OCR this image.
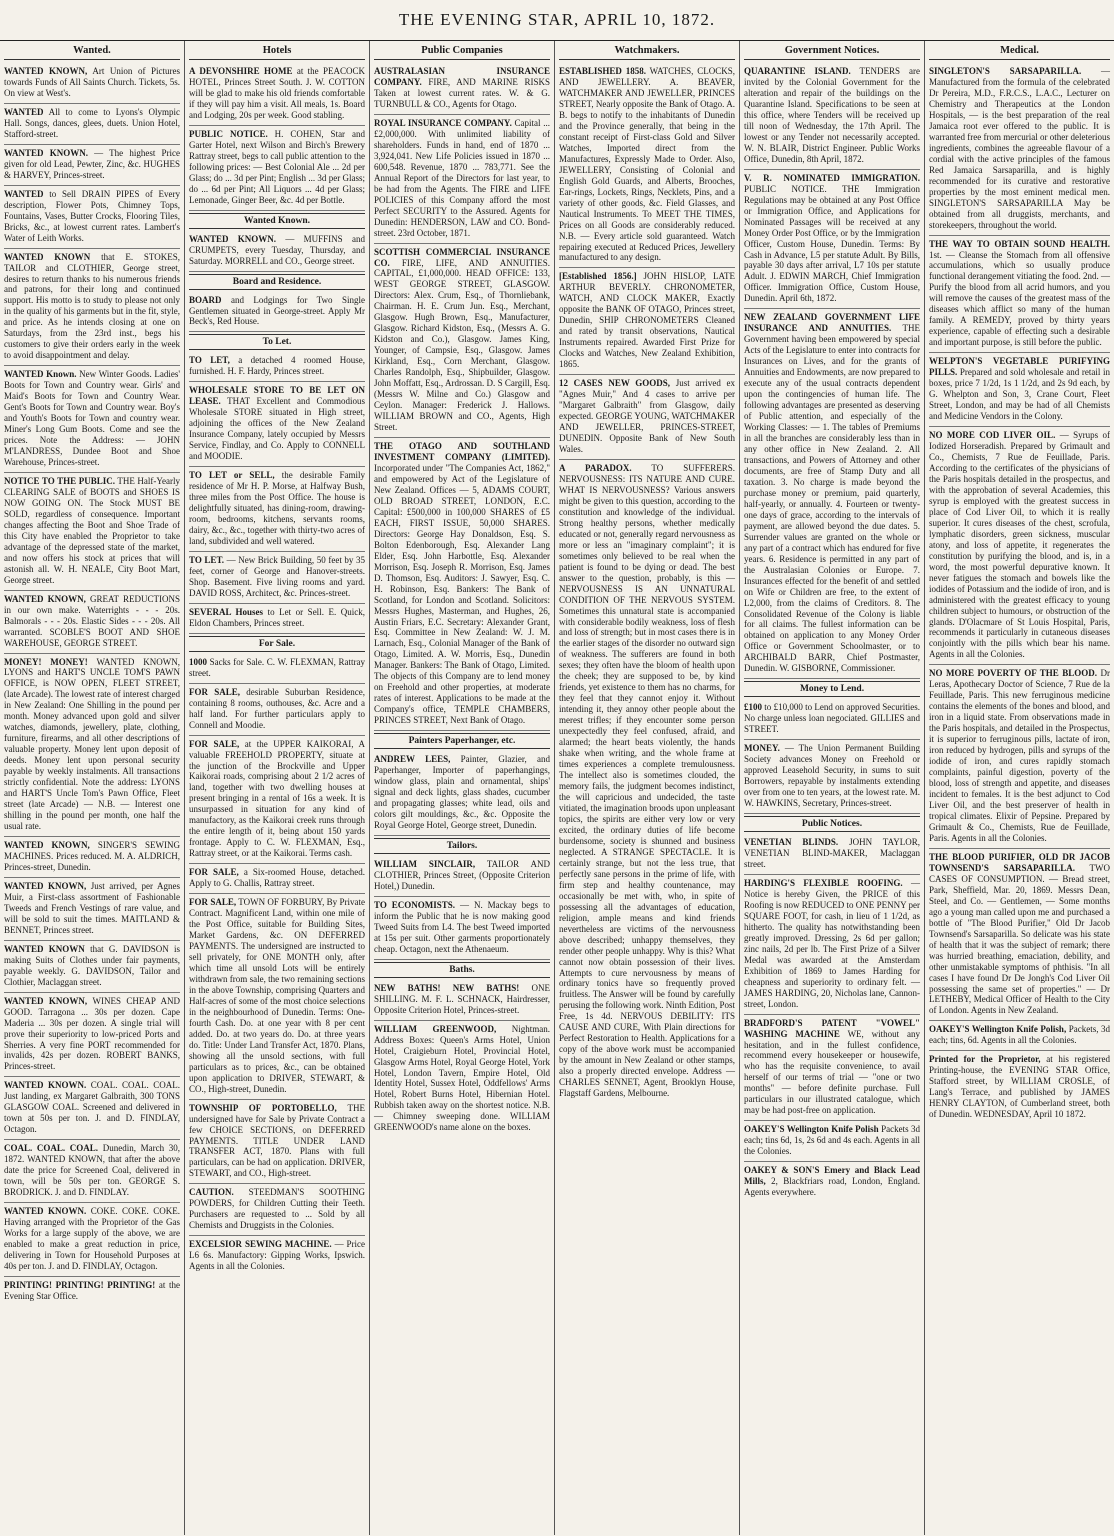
THE EVENING STAR, APRIL 10, 1872.
Wanted.

WANTED KNOWN, Art Union of Pictures towards Funds of All Saints Church. Tickets, 5s. On view at West's.

WANTED All to come to Lyons's Olympic Hall. Songs, dances, glees, duets. Union Hotel, Stafford-street.

WANTED KNOWN. — The highest Price given for old Lead, Pewter, Zinc, &c. HUGHES & HARVEY, Princes-street.

WANTED to Sell DRAIN PIPES of Every description, Flower Pots, Chimney Tops, Fountains, Vases, Butter Crocks, Flooring Tiles, Bricks, &c., at lowest current rates. Lambert's Water of Leith Works.

WANTED KNOWN that E. STOKES, TAILOR and CLOTHIER, George street, desires to return thanks to his numerous friends and patrons, for their long and continued support. His motto is to study to please not only in the quality of his garments but in the fit, style, and price. As he intends closing at one on Saturdays, from the 23rd inst., begs his customers to give their orders early in the week to avoid disappointment and delay.

WANTED Known. New Winter Goods. Ladies' Boots for Town and Country wear. Girls' and Maid's Boots for Town and Country Wear. Gent's Boots for Town and Country wear. Boy's and Youth's Boots for Town and country wear. Miner's Long Gum Boots. Come and see the prices. Note the Address: — JOHN M'LANDRESS, Dundee Boot and Shoe Warehouse, Princes-street.

NOTICE TO THE PUBLIC. THE Half-Yearly CLEARING SALE of BOOTS and SHOES IS NOW GOING ON. The Stock MUST BE SOLD, regardless of consequence. Important changes affecting the Boot and Shoe Trade of this City have enabled the Proprietor to take advantage of the depressed state of the market, and now offers his stock at prices that will astonish all. W. H. NEALE, City Boot Mart, George street.

WANTED KNOWN, GREAT REDUCTIONS in our own make. Waterrights - - - 20s. Balmorals - - - 20s. Elastic Sides - - - 20s. All warranted. SCOBLE'S BOOT AND SHOE WAREHOUSE, GEORGE STREET.

MONEY! MONEY! WANTED KNOWN, LYONS and HART'S UNCLE TOM'S PAWN OFFICE, is NOW OPEN, FLEET STREET, (late Arcade). The lowest rate of interest charged in New Zealand: One Shilling in the pound per month. Money advanced upon gold and silver watches, diamonds, jewellery, plate, clothing, furniture, firearms, and all other descriptions of valuable property. Money lent upon deposit of deeds. Money lent upon personal security payable by weekly instalments. All transactions strictly confidential. Note the address: LYONS and HART'S Uncle Tom's Pawn Office, Fleet street (late Arcade) — N.B. — Interest one shilling in the pound per month, one half the usual rate.

WANTED KNOWN, SINGER'S SEWING MACHINES. Prices reduced. M. A. ALDRICH, Princes-street, Dunedin.

WANTED KNOWN, Just arrived, per Agnes Muir, a First-class assortment of Fashionable Tweeds and French Vestings of rare value, and will be sold to suit the times. MAITLAND & BENNET, Princes street.

WANTED KNOWN that G. DAVIDSON is making Suits of Clothes under fair payments, payable weekly. G. DAVIDSON, Tailor and Clothier, Maclaggan street.

WANTED KNOWN, WINES CHEAP AND GOOD. Tarragona ... 30s per dozen. Cape Maderia ... 30s per dozen. A single trial will prove their superiority to low-priced Ports and Sherries. A very fine PORT recommended for invalids, 42s per dozen. ROBERT BANKS, Princes-street.

WANTED KNOWN. COAL. COAL. COAL. Just landing, ex Margaret Galbraith, 300 TONS GLASGOW COAL. Screened and delivered in town at 50s per ton. J. and D. FINDLAY, Octagon.

COAL. COAL. COAL. Dunedin, March 30, 1872. WANTED KNOWN, that after the above date the price for Screened Coal, delivered in town, will be 50s per ton. GEORGE S. BRODRICK. J. and D. FINDLAY.

WANTED KNOWN. COKE. COKE. COKE. Having arranged with the Proprietor of the Gas Works for a large supply of the above, we are enabled to make a great reduction in price, delivering in Town for Household Purposes at 40s per ton. J. and D. FINDLAY, Octagon.

PRINTING! PRINTING! PRINTING! at the Evening Star Office.

Hotels

A DEVONSHIRE HOME at the PEACOCK HOTEL, Princes Street South. J. W. COTTON will be glad to make his old friends comfortable if they will pay him a visit. All meals, 1s. Board and Lodging, 20s per week. Good stabling.

PUBLIC NOTICE. H. COHEN, Star and Garter Hotel, next Wilson and Birch's Brewery Rattray street, begs to call public attention to the following prices: — Best Colonial Ale ... 2d per Glass; do ... 3d per Pint; English ... 3d per Glass; do ... 6d per Pint; All Liquors ... 4d per Glass; Lemonade, Ginger Beer, &c. 4d per Bottle.

Wanted Known.

WANTED KNOWN. — MUFFINS and CRUMPETS, every Tuesday, Thursday, and Saturday. MORRELL and CO., George street.

Board and Residence.

BOARD and Lodgings for Two Single Gentlemen situated in George-street. Apply Mr Beck's, Red House.

To Let.

TO LET, a detached 4 roomed House, furnished. H. F. Hardy, Princes street.

WHOLESALE STORE TO BE LET ON LEASE. THAT Excellent and Commodious Wholesale STORE situated in High street, adjoining the offices of the New Zealand Insurance Company, lately occupied by Messrs Service, Findlay, and Co. Apply to CONNELL and MOODIE.

TO LET or SELL, the desirable Family residence of Mr H. P. Morse, at Halfway Bush, three miles from the Post Office. The house is delightfully situated, has dining-room, drawing-room, bedrooms, kitchens, servants rooms, dairy, &c., &c., together with thirty-two acres of land, subdivided and well watered.

TO LET. — New Brick Building, 50 feet by 35 feet, corner of George and Hanover-streets. Shop. Basement. Five living rooms and yard. DAVID ROSS, Architect, &c. Princes-street.

SEVERAL Houses to Let or Sell. E. Quick, Eldon Chambers, Princes street.

For Sale.

1000 Sacks for Sale. C. W. FLEXMAN, Rattray street.

FOR SALE, desirable Suburban Residence, containing 8 rooms, outhouses, &c. Acre and a half land. For further particulars apply to Connell and Moodie.

FOR SALE, at the UPPER KAIKORAI, A valuable FREEHOLD PROPERTY, situate at the junction of the Brockville and Upper Kaikorai roads, comprising about 2 1/2 acres of land, together with two dwelling houses at present bringing in a rental of 16s a week. It is unsurpassed in situation for any kind of manufactory, as the Kaikorai creek runs through the entire length of it, being about 150 yards frontage. Apply to C. W. FLEXMAN, Esq., Rattray street, or at the Kaikorai. Terms cash.

FOR SALE, a Six-roomed House, detached. Apply to G. Challis, Rattray street.

FOR SALE, TOWN OF FORBURY, By Private Contract. Magnificent Land, within one mile of the Post Office, suitable for Building Sites, Market Gardens, &c. ON DEFERRED PAYMENTS. The undersigned are instructed to sell privately, for ONE MONTH only, after which time all unsold Lots will be entirely withdrawn from sale, the two remaining sections in the above Township, comprising Quarters and Half-acres of some of the most choice selections in the neighbourhood of Dunedin. Terms: One-fourth Cash. Do. at one year with 8 per cent added. Do. at two years do. Do. at three years do. Title: Under Land Transfer Act, 1870. Plans, showing all the unsold sections, with full particulars as to prices, &c., can be obtained upon application to DRIVER, STEWART, & CO., High-street, Dunedin.

TOWNSHIP OF PORTOBELLO, THE undersigned have for Sale by Private Contract a few CHOICE SECTIONS, on DEFERRED PAYMENTS. TITLE UNDER LAND TRANSFER ACT, 1870. Plans with full particulars, can be had on application. DRIVER, STEWART, and CO., High-street.

CAUTION. STEEDMAN'S SOOTHING POWDERS, for Children Cutting their Teeth. Purchasers are requested to ... Sold by all Chemists and Druggists in the Colonies.

EXCELSIOR SEWING MACHINE. — Price L6 6s. Manufactory: Gipping Works, Ipswich. Agents in all the Colonies.

Public Companies

AUSTRALASIAN INSURANCE COMPANY. FIRE, AND MARINE RISKS Taken at lowest current rates. W. & G. TURNBULL & CO., Agents for Otago.

ROYAL INSURANCE COMPANY. Capital ... £2,000,000. With unlimited liability of shareholders. Funds in hand, end of 1870 ... 3,924,041. New Life Policies issued in 1870 ... 600,548. Revenue, 1870 ... 783,771. See the Annual Report of the Directors for last year, to be had from the Agents. The FIRE and LIFE POLICIES of this Company afford the most Perfect SECURITY to the Assured. Agents for Dunedin: HENDERSON, LAW and CO. Bond-street. 23rd October, 1871.

SCOTTISH COMMERCIAL INSURANCE CO. FIRE, LIFE, AND ANNUITIES. CAPITAL, £1,000,000. HEAD OFFICE: 133, WEST GEORGE STREET, GLASGOW. Directors: Alex. Crum, Esq., of Thornliebank, Chairman. H. E. Crum Jun. Esq., Merchant, Glasgow. Hugh Brown, Esq., Manufacturer, Glasgow. Richard Kidston, Esq., (Messrs A. G. Kidston and Co.), Glasgow. James King, Younger, of Campsie, Esq., Glasgow. James Kirkland, Esq., Corn Merchant, Glasgow. Charles Randolph, Esq., Shipbuilder, Glasgow. John Moffatt, Esq., Ardrossan. D. S Cargill, Esq. (Messrs W. Milne and Co.) Glasgow and Ceylon. Manager: Frederick J. Hallows. WILLIAM BROWN and CO., Agents, High Street.

THE OTAGO AND SOUTHLAND INVESTMENT COMPANY (LIMITED). Incorporated under "The Companies Act, 1862," and empowered by Act of the Legislature of New Zealand. Offices — 5, ADAMS COURT, OLD BROAD STREET, LONDON, E.C. Capital: £500,000 in 100,000 SHARES of £5 EACH, FIRST ISSUE, 50,000 SHARES. Directors: George Hay Donaldson, Esq. S. Bolton Edenborough, Esq. Alexander Lang Elder, Esq. John Harbottle, Esq. Alexander Morrison, Esq. Joseph R. Morrison, Esq. James D. Thomson, Esq. Auditors: J. Sawyer, Esq. C. H. Robinson, Esq. Bankers: The Bank of Scotland, for London and Scotland. Solicitors: Messrs Hughes, Masterman, and Hughes, 26, Austin Friars, E.C. Secretary: Alexander Grant, Esq. Committee in New Zealand: W. J. M. Larnach, Esq., Colonial Manager of the Bank of Otago, Limited. A. W. Morris, Esq., Dunedin Manager. Bankers: The Bank of Otago, Limited. The objects of this Company are to lend money on Freehold and other properties, at moderate rates of interest. Applications to be made at the Company's office, TEMPLE CHAMBERS, PRINCES STREET, Next Bank of Otago.

Painters Paperhanger, etc.

ANDREW LEES, Painter, Glazier, and Paperhanger, Importer of paperhangings, window glass, plain and ornamental, ships' signal and deck lights, glass shades, cucumber and propagating glasses; white lead, oils and colors gilt mouldings, &c., &c. Opposite the Royal George Hotel, George street, Dunedin.

Tailors.

WILLIAM SINCLAIR, TAILOR AND CLOTHIER, Princes Street, (Opposite Criterion Hotel,) Dunedin.

TO ECONOMISTS. — N. Mackay begs to inform the Public that he is now making good Tweed Suits from L4. The best Tweed imported at 15s per suit. Other garments proportionately cheap. Octagon, next the Athenaeum.

Baths.

NEW BATHS! NEW BATHS! ONE SHILLING. M. F. L. SCHNACK, Hairdresser, Opposite Criterion Hotel, Princes-street.

WILLIAM GREENWOOD, Nightman. Address Boxes: Queen's Arms Hotel, Union Hotel, Craigieburn Hotel, Provincial Hotel, Glasgow Arms Hotel, Royal George Hotel, York Hotel, London Tavern, Empire Hotel, Old Identity Hotel, Sussex Hotel, Oddfellows' Arms Hotel, Robert Burns Hotel, Hibernian Hotel. Rubbish taken away on the shortest notice. N.B. — Chimney sweeping done. WILLIAM GREENWOOD's name alone on the boxes.

Watchmakers.

ESTABLISHED 1858. WATCHES, CLOCKS, AND JEWELLERY. A. BEAVER, WATCHMAKER AND JEWELLER, PRINCES STREET, Nearly opposite the Bank of Otago. A. B. begs to notify to the inhabitants of Dunedin and the Province generally, that being in the constant receipt of First-class Gold and Silver Watches, Imported direct from the Manufactures, Expressly Made to Order. Also, JEWELLERY, Consisting of Colonial and English Gold Guards, and Alberts, Brooches, Ear-rings, Lockets, Rings, Necklets, Pins, and a variety of other goods, &c. Field Glasses, and Nautical Instruments. To MEET THE TIMES, Prices on all Goods are considerably reduced. N.B. — Every article sold guaranteed. Watch repairing executed at Reduced Prices, Jewellery manufactured to any design.

[Established 1856.] JOHN HISLOP, LATE ARTHUR BEVERLY. CHRONOMETER, WATCH, AND CLOCK MAKER, Exactly opposite the BANK OF OTAGO, Princes street, Dunedin, SHIP CHRONOMETERS Cleaned and rated by transit observations, Nautical Instruments repaired. Awarded First Prize for Clocks and Watches, New Zealand Exhibition, 1865.

12 CASES NEW GOODS, Just arrived ex "Agnes Muir," And 4 cases to arrive per "Margaret Galbraith" from Glasgow, daily expected. GEORGE YOUNG, WATCHMAKER AND JEWELLER, PRINCES-STREET, DUNEDIN. Opposite Bank of New South Wales.

A PARADOX. TO SUFFERERS. NERVOUSNESS: ITS NATURE AND CURE. WHAT IS NERVOUSNESS? Various answers might be given to this question, according to the constitution and knowledge of the individual. Strong healthy persons, whether medically educated or not, generally regard nervousness as more or less an "imaginary complaint"; it is sometimes only believed to be real when the patient is found to be dying or dead. The best answer to the question, probably, is this — NERVOUSNESS IS AN UNNATURAL CONDITION OF THE NERVOUS SYSTEM. Sometimes this unnatural state is accompanied with considerable bodily weakness, loss of flesh and loss of strength; but in most cases there is in the earlier stages of the disorder no outward sign of weakness. The sufferers are found in both sexes; they often have the bloom of health upon the cheek; they are supposed to be, by kind friends, yet existence to them has no charms, for they feel that they cannot enjoy it. Without intending it, they annoy other people about the merest trifles; if they encounter some person unexpectedly they feel confused, afraid, and alarmed; the heart beats violently, the hands shake when writing, and the whole frame at times experiences a complete tremulousness. The intellect also is sometimes clouded, the memory fails, the judgment becomes indistinct, the will capricious and undecided, the taste vitiated, the imagination broods upon unpleasant topics, the spirits are either very low or very excited, the ordinary duties of life become burdensome, society is shunned and business neglected. A STRANGE SPECTACLE. It is certainly strange, but not the less true, that perfectly sane persons in the prime of life, with firm step and healthy countenance, may occasionally be met with, who, in spite of possessing all the advantages of education, religion, ample means and kind friends nevertheless are victims of the nervousness above described; unhappy themselves, they render other people unhappy. Why is this? What cannot now obtain possession of their lives. Attempts to cure nervousness by means of ordinary tonics have so frequently proved fruitless. The Answer will be found by carefully perusing the following work. Ninth Edition, Post Free, 1s 4d. NERVOUS DEBILITY: ITS CAUSE AND CURE, With Plain directions for Perfect Restoration to Health. Applications for a copy of the above work must be accompanied by the amount in New Zealand or other stamps, also a properly directed envelope. Address — CHARLES SENNET, Agent, Brooklyn House, Flagstaff Gardens, Melbourne.

Government Notices.

QUARANTINE ISLAND. TENDERS are invited by the Colonial Government for the alteration and repair of the buildings on the Quarantine Island. Specifications to be seen at this office, where Tenders will be received up till noon of Wednesday, the 17th April. The lowest or any Tender not necessarily accepted. W. N. BLAIR, District Engineer. Public Works Office, Dunedin, 8th April, 1872.

V. R. NOMINATED IMMIGRATION. PUBLIC NOTICE. THE Immigration Regulations may be obtained at any Post Office or Immigration Office, and Applications for Nominated Passages will be received at any Money Order Post Office, or by the Immigration Officer, Custom House, Dunedin. Terms: By Cash in Advance, L5 per statute Adult. By Bills, payable 30 days after arrival, L7 10s per statute Adult. J. EDWIN MARCH, Chief Immigration Officer. Immigration Office, Custom House, Dunedin. April 6th, 1872.

NEW ZEALAND GOVERNMENT LIFE INSURANCE AND ANNUITIES. THE Government having been empowered by special Acts of the Legislature to enter into contracts for Insurances on Lives, and for the grants of Annuities and Endowments, are now prepared to execute any of the usual contracts dependent upon the contingencies of human life. The following advantages are presented as deserving of Public attention, and especially of the Working Classes: — 1. The tables of Premiums in all the branches are considerably less than in any other office in New Zealand. 2. All transactions, and Powers of Attorney and other documents, are free of Stamp Duty and all taxation. 3. No charge is made beyond the purchase money or premium, paid quarterly, half-yearly, or annually. 4. Fourteen or twenty-one days of grace, according to the intervals of payment, are allowed beyond the due dates. 5. Surrender values are granted on the whole or any part of a contract which has endured for five years. 6. Residence is permitted in any part of the Australasian Colonies or Europe. 7. Insurances effected for the benefit of and settled on Wife or Children are free, to the extent of L2,000, from the claims of Creditors. 8. The Consolidated Revenue of the Colony is liable for all claims. The fullest information can be obtained on application to any Money Order Office or Government Schoolmaster, or to ARCHIBALD BARR, Chief Postmaster, Dunedin. W. GISBORNE, Commissioner.

Money to Lend.

£100 to £10,000 to Lend on approved Securities. No charge unless loan negociated. GILLIES and STREET.

MONEY. — The Union Permanent Building Society advances Money on Freehold or approved Leasehold Security, in sums to suit Borrowers, repayable by instalments extending over from one to ten years, at the lowest rate. M. W. HAWKINS, Secretary, Princes-street.

Public Notices.

VENETIAN BLINDS. JOHN TAYLOR, VENETIAN BLIND-MAKER, Maclaggan street.

HARDING'S FLEXIBLE ROOFING. — Notice is hereby Given, the PRICE of this Roofing is now REDUCED to ONE PENNY per SQUARE FOOT, for cash, in lieu of 1 1/2d, as hitherto. The quality has notwithstanding been greatly improved. Dressing, 2s 6d per gallon; zinc nails, 2d per lb. The First Prize of a Silver Medal was awarded at the Amsterdam Exhibition of 1869 to James Harding for cheapness and superiority to ordinary felt. — JAMES HARDING, 20, Nicholas lane, Cannon-street, London.

BRADFORD'S PATENT "VOWEL" WASHING MACHINE WE, without any hesitation, and in the fullest confidence, recommend every housekeeper or housewife, who has the requisite convenience, to avail herself of our terms of trial — "one or two months" — before definite purchase. Full particulars in our illustrated catalogue, which may be had post-free on application.

OAKEY'S Wellington Knife Polish Packets 3d each; tins 6d, 1s, 2s 6d and 4s each. Agents in all the Colonies.

OAKEY & SON'S Emery and Black Lead Mills, 2, Blackfriars road, London, England. Agents everywhere.

Medical.

SINGLETON'S SARSAPARILLA. — Manufactured from the formula of the celebrated Dr Pereira, M.D., F.R.C.S., L.A.C., Lecturer on Chemistry and Therapeutics at the London Hospitals, — is the best preparation of the real Jamaica root ever offered to the public. It is warranted free from mercurial or other deleterious ingredients, combines the agreeable flavour of a cordial with the active principles of the famous Red Jamaica Sarsaparilla, and is highly recommended for its curative and restorative properties by the most eminent medical men. SINGLETON'S SARSAPARILLA May be obtained from all druggists, merchants, and storekeepers, throughout the world.

THE WAY TO OBTAIN SOUND HEALTH. 1st. — Cleanse the Stomach from all offensive accumulations, which so usually produce functional derangement vitiating the food. 2nd. — Purify the blood from all acrid humors, and you will remove the causes of the greatest mass of the diseases which afflict so many of the human family. A REMEDY, proved by thirty years experience, capable of effecting such a desirable and important purpose, is still before the public.

WELPTON'S VEGETABLE PURIFYING PILLS. Prepared and sold wholesale and retail in boxes, price 7 1/2d, 1s 1 1/2d, and 2s 9d each, by G. Whelpton and Son, 3, Crane Court, Fleet Street, London, and may be had of all Chemists and Medicine Vendors in the Colony.

NO MORE COD LIVER OIL. — Syrups of Iodized Horseradish. Prepared by Grimault and Co., Chemists, 7 Rue de Feuillade, Paris. According to the certificates of the physicians of the Paris hospitals detailed in the prospectus, and with the approbation of several Academies, this syrup is employed with the greatest success in place of Cod Liver Oil, to which it is really superior. It cures diseases of the chest, scrofula, lymphatic disorders, green sickness, muscular atony, and loss of appetite, it regenerates the constitution by purifying the blood, and is, in a word, the most powerful depurative known. It never fatigues the stomach and bowels like the iodides of Potassium and the iodide of iron, and is administered with the greatest efficacy to young children subject to humours, or obstruction of the glands. D'Olacmare of St Louis Hospital, Paris, recommends it particularly in cutaneous diseases conjointly with the pills which bear his name. Agents in all the Colonies.

NO MORE POVERTY OF THE BLOOD. Dr Leras, Apothecary Doctor of Science, 7 Rue de la Feuillade, Paris. This new ferruginous medicine contains the elements of the bones and blood, and iron in a liquid state. From observations made in the Paris hospitals, and detailed in the Prospectus, it is superior to ferruginous pills, lactate of iron, iron reduced by hydrogen, pills and syrups of the iodide of iron, and cures rapidly stomach complaints, painful digestion, poverty of the blood, loss of strength and appetite, and diseases incident to females. It is the best adjunct to Cod Liver Oil, and the best preserver of health in tropical climates. Elixir of Pepsine. Prepared by Grimault & Co., Chemists, Rue de Feuillade, Paris. Agents in all the Colonies.

THE BLOOD PURIFIER, OLD DR JACOB TOWNSEND'S SARSAPARILLA. TWO CASES OF CONSUMPTION. — Bread street, Park, Sheffield, Mar. 20, 1869. Messrs Dean, Steel, and Co. — Gentlemen, — Some months ago a young man called upon me and purchased a bottle of "The Blood Purifier," Old Dr Jacob Townsend's Sarsaparilla. So delicate was his state of health that it was the subject of remark; there was hurried breathing, emaciation, debility, and other unmistakable symptoms of phthisis. "In all cases I have found Dr De Jongh's Cod Liver Oil possessing the same set of properties." — Dr LETHEBY, Medical Officer of Health to the City of London. Agents in New Zealand.

OAKEY'S Wellington Knife Polish, Packets, 3d each; tins, 6d. Agents in all the Colonies.

Printed for the Proprietor, at his registered Printing-house, the EVENING STAR Office, Stafford street, by WILLIAM CROSLE, of Lang's Terrace, and published by JAMES HENRY CLAYTON, of Cumberland street, both of Dunedin. WEDNESDAY, April 10 1872.
